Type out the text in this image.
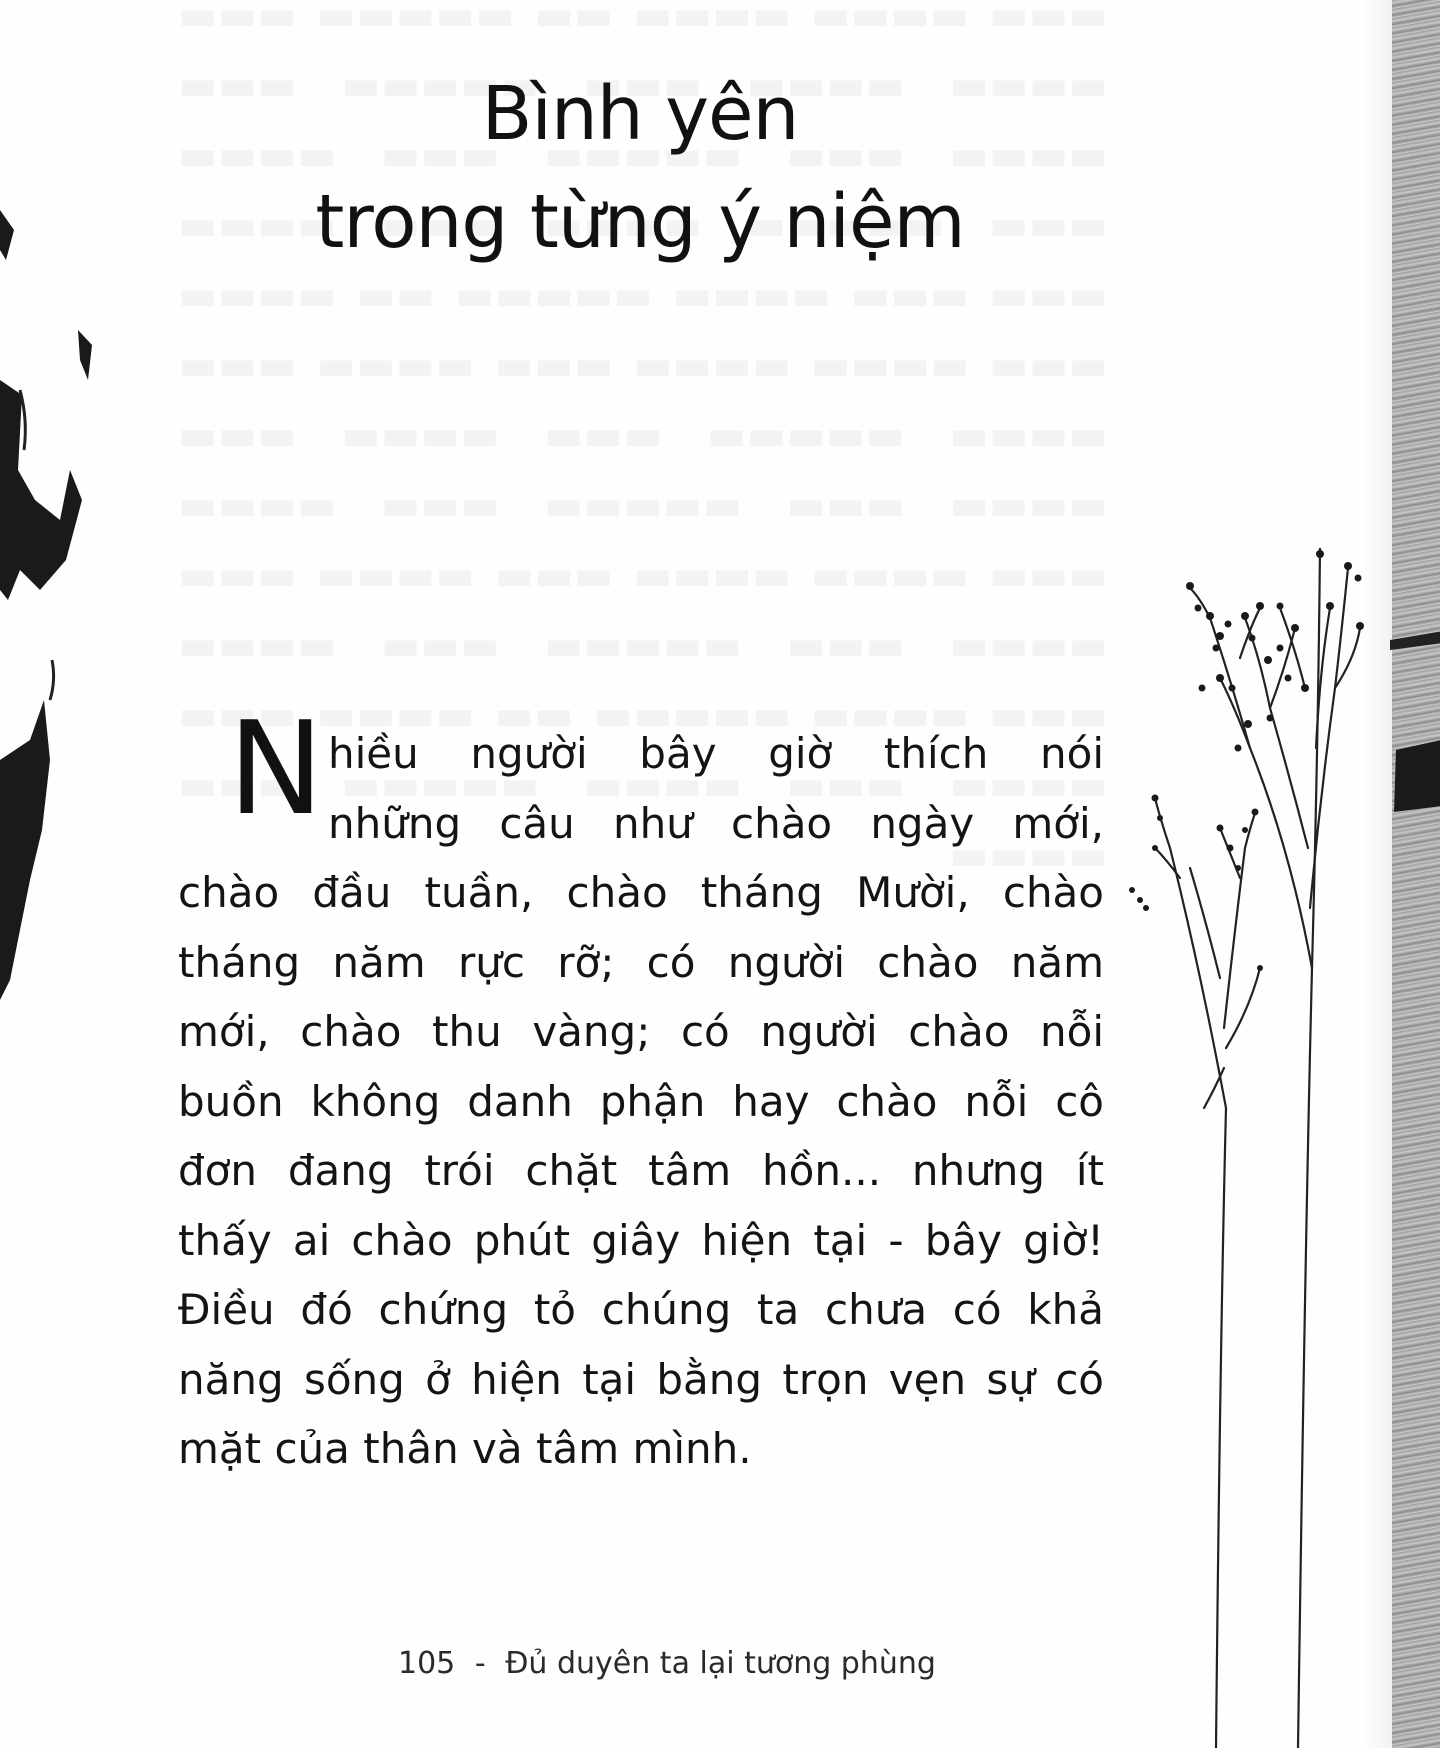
Bình yên
trong từng ý niệm
N hiều người bây giờ thích nói
những câu như chào ngày mới,
chào đầu tuần, chào tháng Mười, chào
tháng năm rực rỡ; có người chào năm
mới, chào thu vàng; có người chào nỗi
buồn không danh phận hay chào nỗi cô
đơn đang trói chặt tâm hồn... nhưng ít
thấy ai chào phút giây hiện tại - bây giờ!
Điều đó chứng tỏ chúng ta chưa có khả
năng sống ở hiện tại bằng trọn vẹn sự có
mặt của thân và tâm mình.
105 - Đủ duyên ta lại tương phùng
